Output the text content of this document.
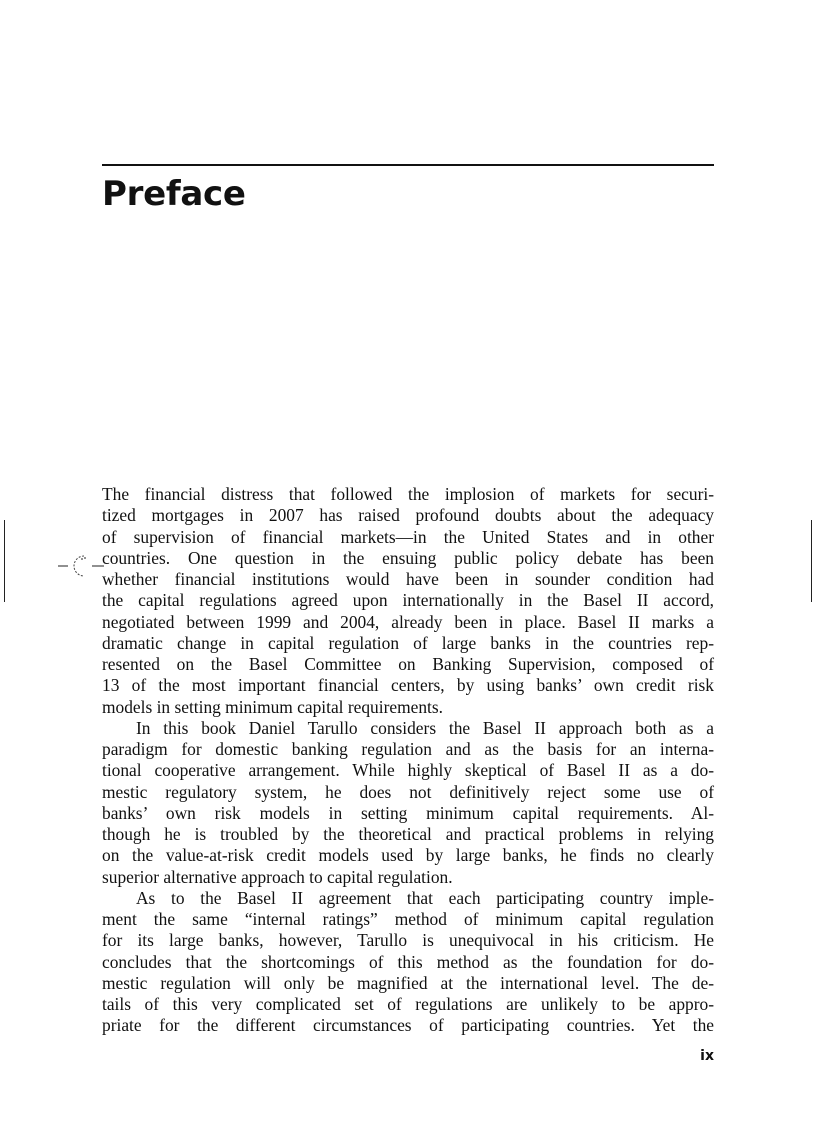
Preface
The financial distress that followed the implosion of markets for securi-
tized mortgages in 2007 has raised profound doubts about the adequacy
of supervision of financial markets—in the United States and in other
countries. One question in the ensuing public policy debate has been
whether financial institutions would have been in sounder condition had
the capital regulations agreed upon internationally in the Basel II accord,
negotiated between 1999 and 2004, already been in place. Basel II marks a
dramatic change in capital regulation of large banks in the countries rep-
resented on the Basel Committee on Banking Supervision, composed of
13 of the most important financial centers, by using banks’ own credit risk
models in setting minimum capital requirements.
In this book Daniel Tarullo considers the Basel II approach both as a
paradigm for domestic banking regulation and as the basis for an interna-
tional cooperative arrangement. While highly skeptical of Basel II as a do-
mestic regulatory system, he does not definitively reject some use of
banks’ own risk models in setting minimum capital requirements. Al-
though he is troubled by the theoretical and practical problems in relying
on the value-at-risk credit models used by large banks, he finds no clearly
superior alternative approach to capital regulation.
As to the Basel II agreement that each participating country imple-
ment the same “internal ratings” method of minimum capital regulation
for its large banks, however, Tarullo is unequivocal in his criticism. He
concludes that the shortcomings of this method as the foundation for do-
mestic regulation will only be magnified at the international level. The de-
tails of this very complicated set of regulations are unlikely to be appro-
priate for the different circumstances of participating countries. Yet the
ix
